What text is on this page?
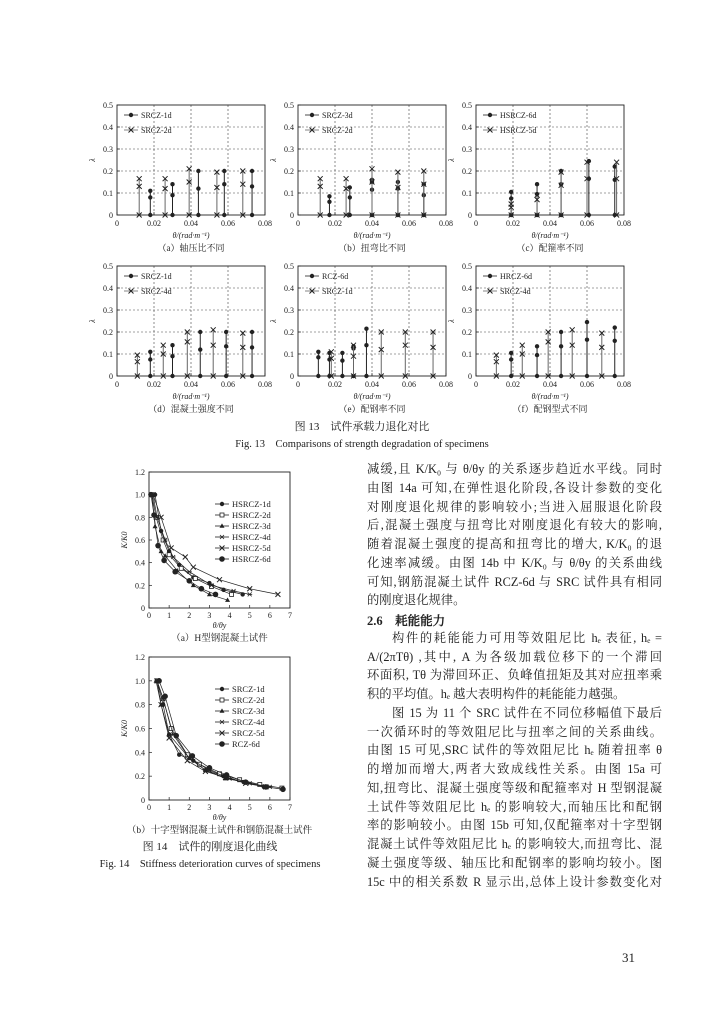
0
0.1
0.2
0.3
0.4
0.5
0	0.02	0.04	0.06	0.08
θ/(rad·m⁻¹)
λ
SRCZ-1d
SRCZ-2d
（a）轴压比不同
0
0.1
0.2
0.3
0.4
0.5
0	0.02	0.04	0.06	0.08
θ/(rad·m⁻¹)
λ
SRCZ-3d
SRCZ-2d
（b）扭弯比不同
0
0.1
0.2
0.3
0.4
0.5
0	0.02	0.04	0.06	0.08
θ/(rad·m⁻¹)
λ
HSRCZ-6d
HSRCZ-5d
（c）配箍率不同
0
0.1
0.2
0.3
0.4
0.5
0	0.02	0.04	0.06	0.08
θ/(rad·m⁻¹)
λ
SRCZ-1d
SRCZ-4d
（d）混凝土强度不同
0
0.1
0.2
0.3
0.4
0.5
0	0.02	0.04	0.06	0.08
θ/(rad·m⁻¹)
λ
RCZ-6d
SRCZ-1d
（e）配钢率不同
0
0.1
0.2
0.3
0.4
0.5
0	0.02	0.04	0.06	0.08
θ/(rad·m⁻¹)
λ
HRCZ-6d
SRCZ-4d
（f）配钢型式不同
图 13　试件承载力退化对比
Fig. 13　Comparisons of strength degradation of specimens
0
0.2
0.4
0.6
0.8
1.0
1.2
0 1 2 3 4 5 6 7
θ/θy
K/K0
HSRCZ-1d
HSRCZ-2d
HSRCZ-3d
HSRCZ-4d
HSRCZ-5d
HSRCZ-6d
（a）H型钢混凝土试件
0
0.2
0.4
0.6
0.8
1.0
1.2
0 1 2 3 4 5 6 7
θ/θy
K/K0
SRCZ-1d
SRCZ-2d
SRCZ-3d
SRCZ-4d
SRCZ-5d
RCZ-6d
（b）十字型钢混凝土试件和钢筋混凝土试件
图 14　试件的刚度退化曲线
Fig. 14　Stiffness deterioration curves of specimens
减缓,且 K/K₀ 与 θ/θy 的关系逐步趋近水平线。同时
由图 14a 可知,在弹性退化阶段,各设计参数的变化
对刚度退化规律的影响较小;当进入屈服退化阶段
后,混凝土强度与扭弯比对刚度退化有较大的影响,
随着混凝土强度的提高和扭弯比的增大, K/K₀ 的退
化速率减缓。由图 14b 中 K/K₀ 与 θ/θy 的关系曲线
可知,钢筋混凝土试件 RCZ-6d 与 SRC 试件具有相同
的刚度退化规律。
2.6　耗能能力
构件的耗能能力可用等效阻尼比 hₑ 表征, hₑ =
A/(2πTθ) ,其中, A 为各级加载位移下的一个滞回
环面积, Tθ 为滞回环正、负峰值扭矩及其对应扭率乘
积的平均值。hₑ 越大表明构件的耗能能力越强。
图 15 为 11 个 SRC 试件在不同位移幅值下最后
一次循环时的等效阻尼比与扭率之间的关系曲线。
由图 15 可见,SRC 试件的等效阻尼比 hₑ 随着扭率 θ
的增加而增大,两者大致成线性关系。由图 15a 可
知,扭弯比、混凝土强度等级和配箍率对 H 型钢混凝
土试件等效阻尼比 hₑ 的影响较大,而轴压比和配钢
率的影响较小。由图 15b 可知,仅配箍率对十字型钢
混凝土试件等效阻尼比 hₑ 的影响较大,而扭弯比、混
凝土强度等级、轴压比和配钢率的影响均较小。图
15c 中的相关系数 R 显示出,总体上设计参数变化对
31
